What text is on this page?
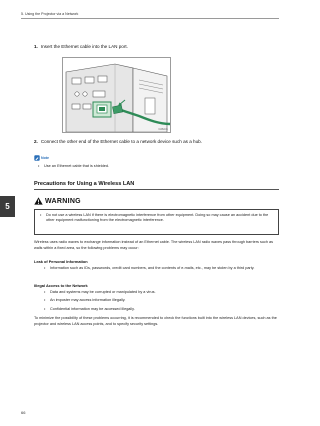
5. Using the Projector via a Network
5
1. Insert the Ethernet cable into the LAN port.
CWE101
2. Connect the other end of the Ethernet cable to a network device such as a hub.
Note
• Use an Ethernet cable that is shielded.
Precautions for Using a Wireless LAN
WARNING
•	Do not use a wireless LAN if there is electromagnetic interference from other equipment. Doing so may cause an accident due to the other equipment malfunctioning from the electromagnetic interference.
Wireless uses radio waves to exchange information instead of an Ethernet cable. The wireless LAN radio waves pass through barriers such as walls within a fixed area, so the following problems may occur:
Leak of Personal Information
•	Information such as IDs, passwords, credit card numbers, and the contents of e-mails, etc., may be stolen by a third party.
Illegal Access to the Network
•	Data and systems may be corrupted or manipulated by a virus.
•	An imposter may access information illegally.
•	Confidential information may be accessed illegally.
To minimize the possibility of these problems occurring, it is recommended to check the functions built into the wireless LAN devices, such as the projector and wireless LAN access points, and to specify security settings.
66
